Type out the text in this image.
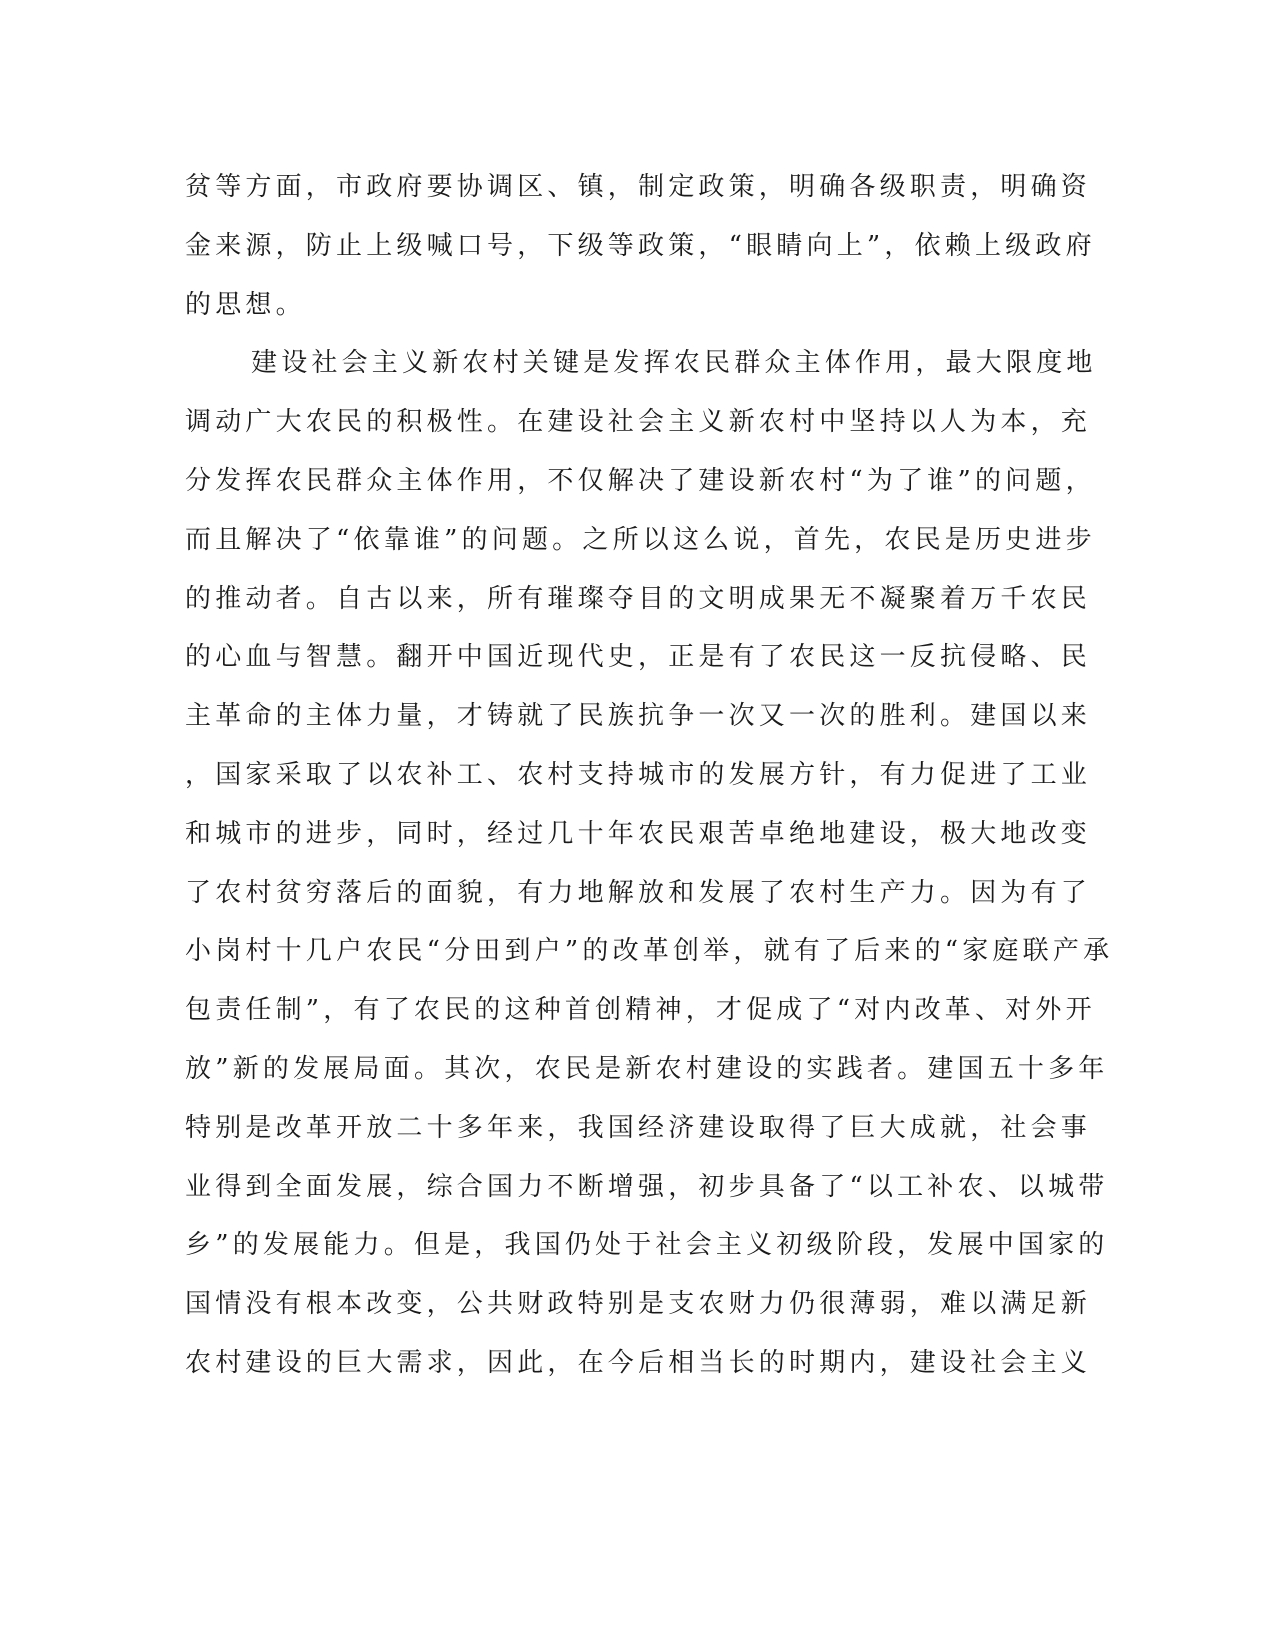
贫等方面，市政府要协调区、镇，制定政策，明确各级职责，明确资
金来源，防止上级喊口号，下级等政策，“眼睛向上”，依赖上级政府
的思想。
建设社会主义新农村关键是发挥农民群众主体作用，最大限度地
调动广大农民的积极性。在建设社会主义新农村中坚持以人为本，充
分发挥农民群众主体作用，不仅解决了建设新农村“为了谁”的问题，
而且解决了“依靠谁”的问题。之所以这么说，首先，农民是历史进步
的推动者。自古以来，所有璀璨夺目的文明成果无不凝聚着万千农民
的心血与智慧。翻开中国近现代史，正是有了农民这一反抗侵略、民
主革命的主体力量，才铸就了民族抗争一次又一次的胜利。建国以来
，国家采取了以农补工、农村支持城市的发展方针，有力促进了工业
和城市的进步，同时，经过几十年农民艰苦卓绝地建设，极大地改变
了农村贫穷落后的面貌，有力地解放和发展了农村生产力。因为有了
小岗村十几户农民“分田到户”的改革创举，就有了后来的“家庭联产承
包责任制”，有了农民的这种首创精神，才促成了“对内改革、对外开
放”新的发展局面。其次，农民是新农村建设的实践者。建国五十多年
特别是改革开放二十多年来，我国经济建设取得了巨大成就，社会事
业得到全面发展，综合国力不断增强，初步具备了“以工补农、以城带
乡”的发展能力。但是，我国仍处于社会主义初级阶段，发展中国家的
国情没有根本改变，公共财政特别是支农财力仍很薄弱，难以满足新
农村建设的巨大需求，因此，在今后相当长的时期内，建设社会主义
